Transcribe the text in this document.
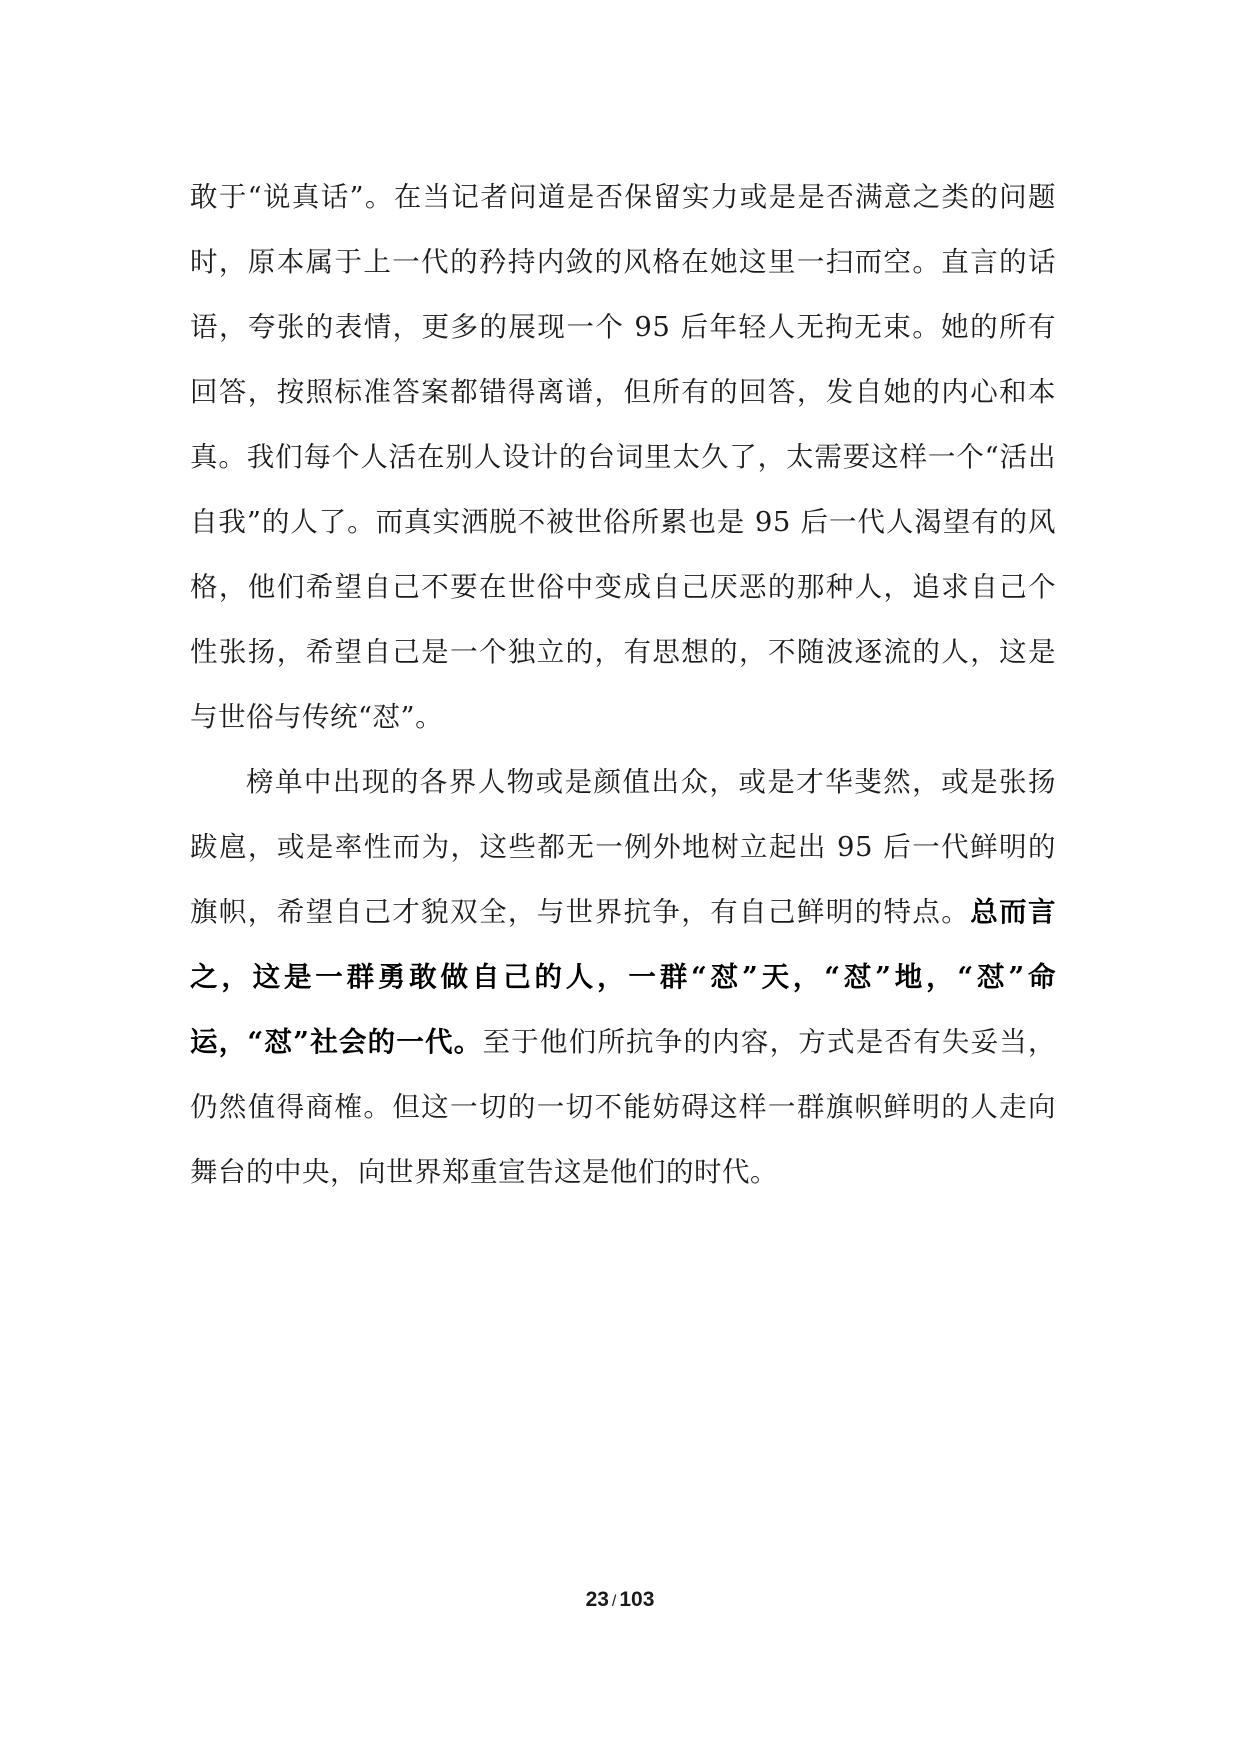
敢于“说真话”。在当记者问道是否保留实力或是是否满意之类的问题时，原本属于上一代的矜持内敛的风格在她这里一扫而空。直言的话语，夸张的表情，更多的展现一个 95 后年轻人无拘无束。她的所有回答，按照标准答案都错得离谱，但所有的回答，发自她的内心和本真。我们每个人活在别人设计的台词里太久了，太需要这样一个“活出自我”的人了。而真实洒脱不被世俗所累也是 95 后一代人渴望有的风格，他们希望自己不要在世俗中变成自己厌恶的那种人，追求自己个性张扬，希望自己是一个独立的，有思想的，不随波逐流的人，这是与世俗与传统“怼”。

榜单中出现的各界人物或是颜值出众，或是才华斐然，或是张扬跋扈，或是率性而为，这些都无一例外地树立起出 95 后一代鲜明的旗帜，希望自己才貌双全，与世界抗争，有自己鲜明的特点。总而言之，这是一群勇敢做自己的人，一群“怼”天，“怼”地，“怼”命运，“怼”社会的一代。至于他们所抗争的内容，方式是否有失妥当，仍然值得商榷。但这一切的一切不能妨碍这样一群旗帜鲜明的人走向舞台的中央，向世界郑重宣告这是他们的时代。

23 / 103
